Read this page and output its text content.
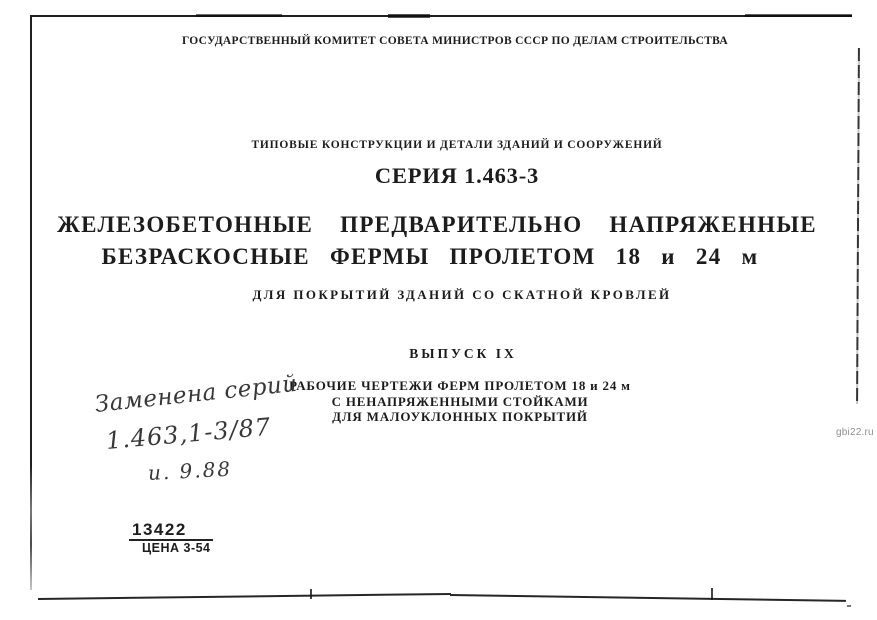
ГОСУДАРСТВЕННЫЙ КОМИТЕТ СОВЕТА МИНИСТРОВ СССР ПО ДЕЛАМ СТРОИТЕЛЬСТВА
ТИПОВЫЕ КОНСТРУКЦИИ И ДЕТАЛИ ЗДАНИЙ И СООРУЖЕНИЙ
СЕРИЯ 1.463-3
ЖЕЛЕЗОБЕТОННЫЕ ПРЕДВАРИТЕЛЬНО НАПРЯЖЕННЫЕ
БЕЗРАСКОСНЫЕ ФЕРМЫ ПРОЛЕТОМ 18 и 24 м
ДЛЯ ПОКРЫТИЙ ЗДАНИЙ СО СКАТНОЙ КРОВЛЕЙ
ВЫПУСК IX
РАБОЧИЕ ЧЕРТЕЖИ ФЕРМ ПРОЛЕТОМ 18 и 24 м
С НЕНАПРЯЖЕННЫМИ СТОЙКАМИ
ДЛЯ МАЛОУКЛОННЫХ ПОКРЫТИЙ
Заменена серий
1.463,1-3/87
и. 9.88
13422
ЦЕНА 3-54
gbi22.ru
